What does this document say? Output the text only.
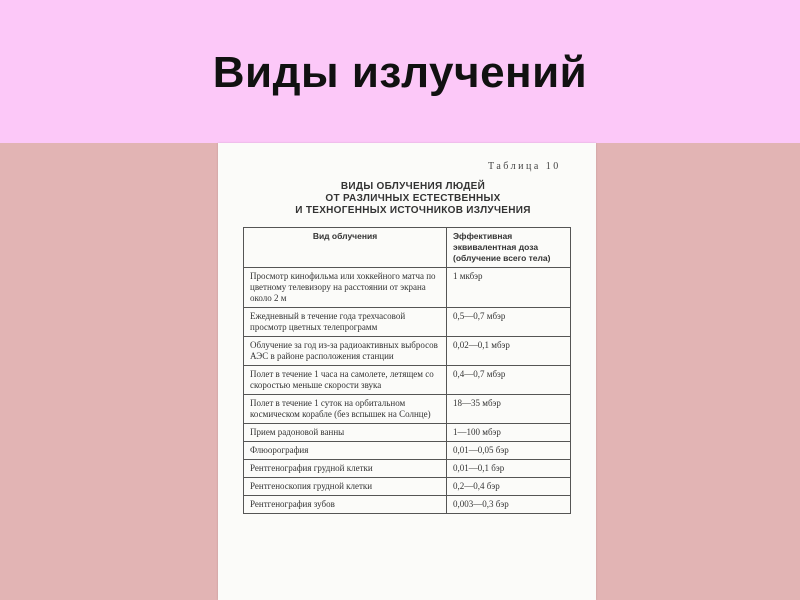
Виды излучений
Таблица 10
ВИДЫ ОБЛУЧЕНИЯ ЛЮДЕЙ
ОТ РАЗЛИЧНЫХ ЕСТЕСТВЕННЫХ
И ТЕХНОГЕННЫХ ИСТОЧНИКОВ ИЗЛУЧЕНИЯ
Вид облучения	Эффективная эквивалентная доза (облучение всего тела)
Просмотр кинофильма или хоккейного матча по цветному телевизору на расстоянии от экрана около 2 м	1 мкбэр
Ежедневный в течение года трехчасовой просмотр цветных телепрограмм	0,5—0,7 мбэр
Облучение за год из-за радиоактивных выбросов АЭС в районе расположения станции	0,02—0,1 мбэр
Полет в течение 1 часа на самолете, летящем со скоростью меньше скорости звука	0,4—0,7 мбэр
Полет в течение 1 суток на орбитальном космическом корабле (без вспышек на Солнце)	18—35 мбэр
Прием радоновой ванны	1—100 мбэр
Флюорография	0,01—0,05 бэр
Рентгенография грудной клетки	0,01—0,1 бэр
Рентгеноскопия грудной клетки	0,2—0,4 бэр
Рентгенография зубов	0,003—0,3 бэр
